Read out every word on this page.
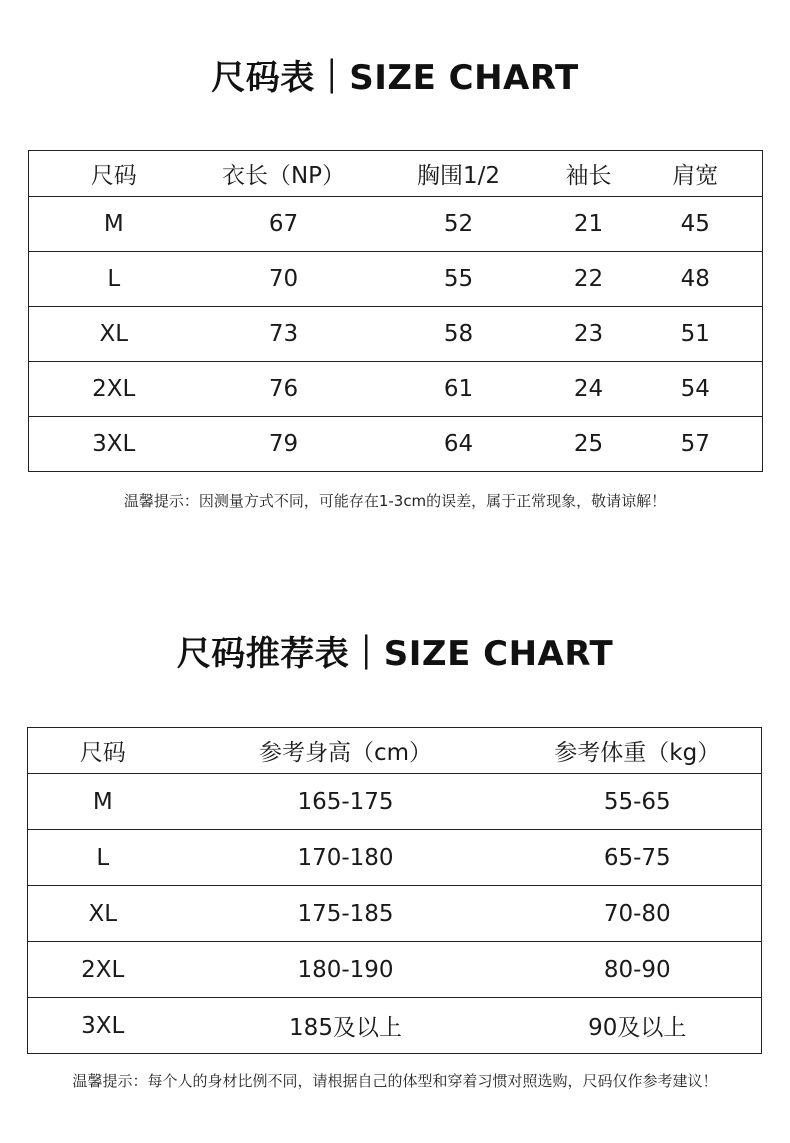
尺码表｜SIZE CHART
尺码	衣长（NP）	胸围1/2	袖长	肩宽
M	67	52	21	45
L	70	55	22	48
XL	73	58	23	51
2XL	76	61	24	54
3XL	79	64	25	57
温馨提示：因测量方式不同，可能存在1-3cm的误差，属于正常现象，敬请谅解！
尺码推荐表｜SIZE CHART
尺码	参考身高（cm）	参考体重（kg）
M	165-175	55-65
L	170-180	65-75
XL	175-185	70-80
2XL	180-190	80-90
3XL	185及以上	90及以上
温馨提示：每个人的身材比例不同，请根据自己的体型和穿着习惯对照选购，尺码仅作参考建议！
